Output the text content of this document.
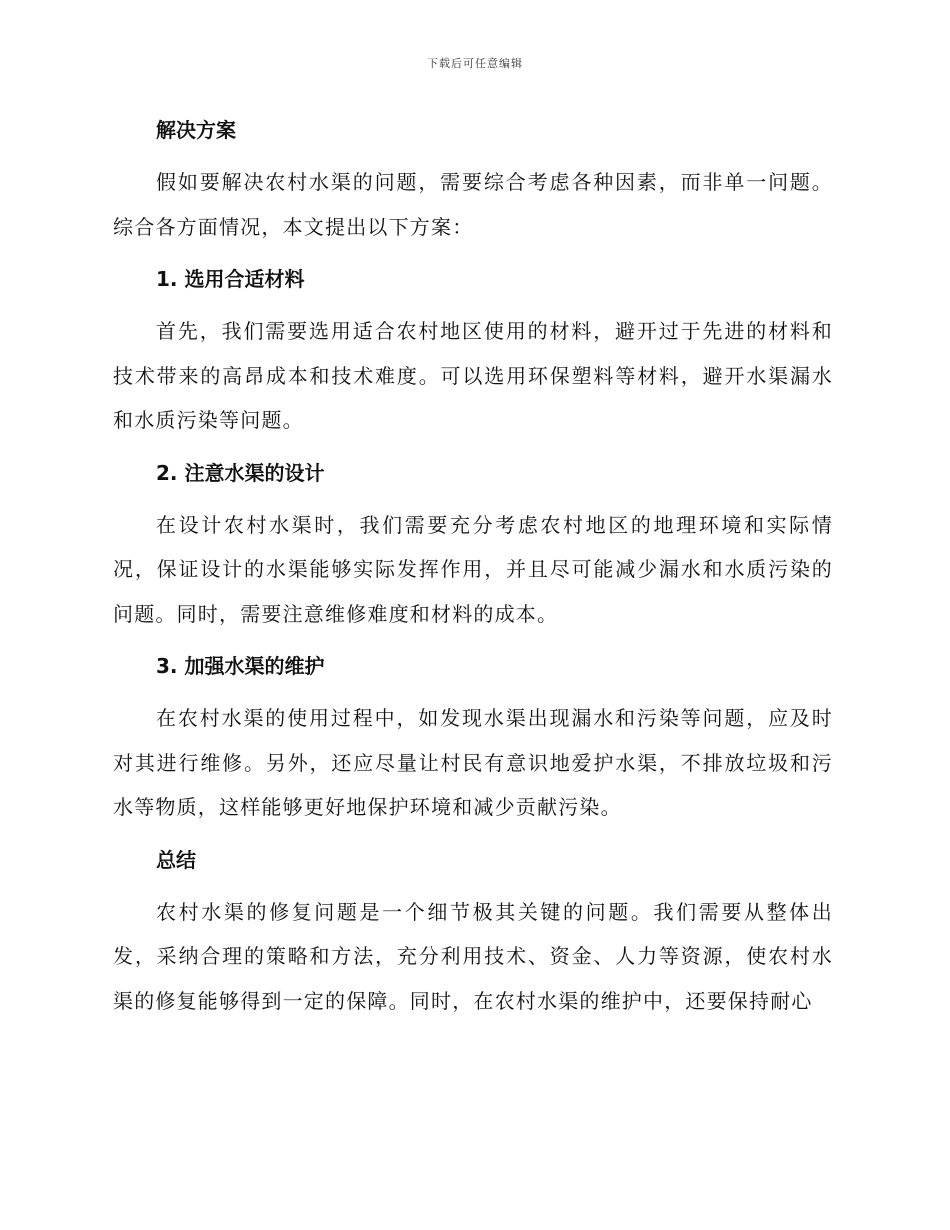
下载后可任意编辑
解决方案

假如要解决农村水渠的问题，需要综合考虑各种因素，而非单一问题。综合各方面情况，本文提出以下方案：

1. 选用合适材料

首先，我们需要选用适合农村地区使用的材料，避开过于先进的材料和技术带来的高昂成本和技术难度。可以选用环保塑料等材料，避开水渠漏水和水质污染等问题。

2. 注意水渠的设计

在设计农村水渠时，我们需要充分考虑农村地区的地理环境和实际情况，保证设计的水渠能够实际发挥作用，并且尽可能减少漏水和水质污染的问题。同时，需要注意维修难度和材料的成本。

3. 加强水渠的维护

在农村水渠的使用过程中，如发现水渠出现漏水和污染等问题，应及时对其进行维修。另外，还应尽量让村民有意识地爱护水渠，不排放垃圾和污水等物质，这样能够更好地保护环境和减少贡献污染。

总结

农村水渠的修复问题是一个细节极其关键的问题。我们需要从整体出发，采纳合理的策略和方法，充分利用技术、资金、人力等资源，使农村水渠的修复能够得到一定的保障。同时，在农村水渠的维护中，还要保持耐心
